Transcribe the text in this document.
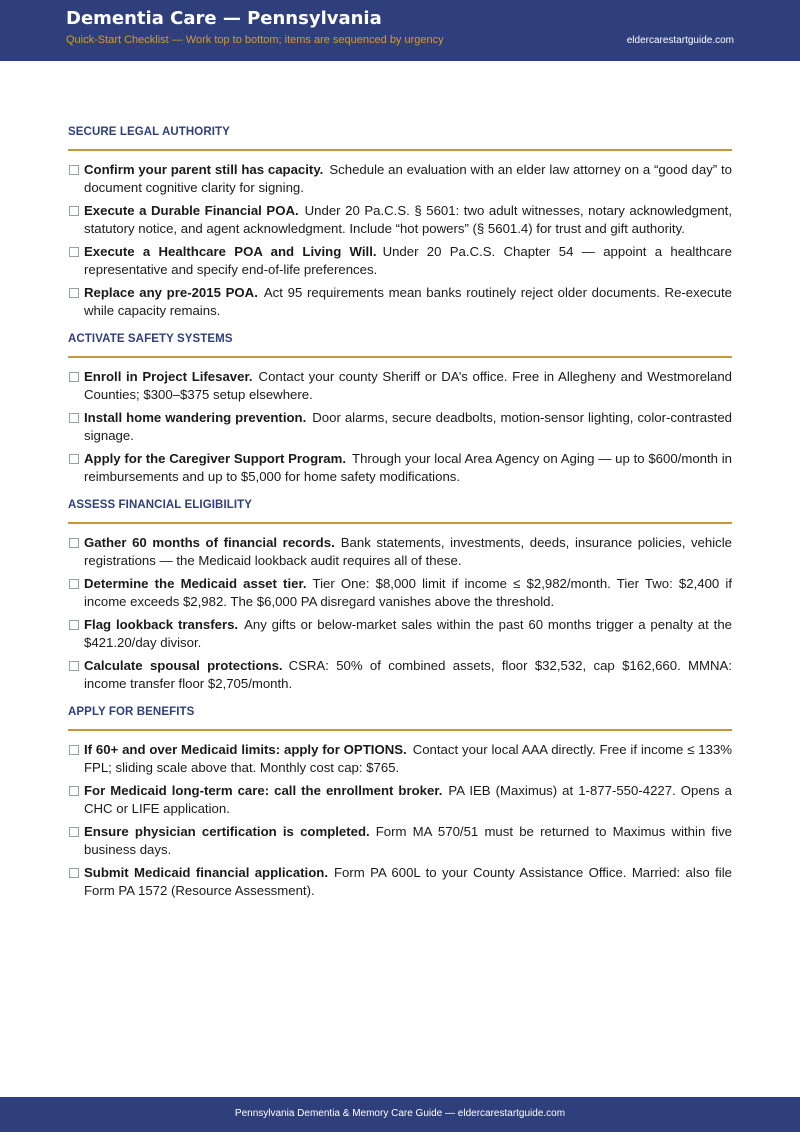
Dementia Care — Pennsylvania
Quick-Start Checklist — Work top to bottom; items are sequenced by urgency	eldercarestartguide.com
SECURE LEGAL AUTHORITY
Confirm your parent still has capacity. Schedule an evaluation with an elder law attorney on a “good day” to document cognitive clarity for signing.
Execute a Durable Financial POA. Under 20 Pa.C.S. § 5601: two adult witnesses, notary acknowledgment, statutory notice, and agent acknowledgment. Include “hot powers” (§ 5601.4) for trust and gift authority.
Execute a Healthcare POA and Living Will. Under 20 Pa.C.S. Chapter 54 — appoint a healthcare representative and specify end-of-life preferences.
Replace any pre-2015 POA. Act 95 requirements mean banks routinely reject older documents. Re-execute while capacity remains.
ACTIVATE SAFETY SYSTEMS
Enroll in Project Lifesaver. Contact your county Sheriff or DA’s office. Free in Allegheny and Westmoreland Counties; $300–$375 setup elsewhere.
Install home wandering prevention. Door alarms, secure deadbolts, motion-sensor lighting, color-contrasted signage.
Apply for the Caregiver Support Program. Through your local Area Agency on Aging — up to $600/month in reimbursements and up to $5,000 for home safety modifications.
ASSESS FINANCIAL ELIGIBILITY
Gather 60 months of financial records. Bank statements, investments, deeds, insurance policies, vehicle registrations — the Medicaid lookback audit requires all of these.
Determine the Medicaid asset tier. Tier One: $8,000 limit if income ≤ $2,982/month. Tier Two: $2,400 if income exceeds $2,982. The $6,000 PA disregard vanishes above the threshold.
Flag lookback transfers. Any gifts or below-market sales within the past 60 months trigger a penalty at the $421.20/day divisor.
Calculate spousal protections. CSRA: 50% of combined assets, floor $32,532, cap $162,660. MMNA: income transfer floor $2,705/month.
APPLY FOR BENEFITS
If 60+ and over Medicaid limits: apply for OPTIONS. Contact your local AAA directly. Free if income ≤ 133% FPL; sliding scale above that. Monthly cost cap: $765.
For Medicaid long-term care: call the enrollment broker. PA IEB (Maximus) at 1-877-550-4227. Opens a CHC or LIFE application.
Ensure physician certification is completed. Form MA 570/51 must be returned to Maximus within five business days.
Submit Medicaid financial application. Form PA 600L to your County Assistance Office. Married: also file Form PA 1572 (Resource Assessment).
Pennsylvania Dementia & Memory Care Guide — eldercarestartguide.com
